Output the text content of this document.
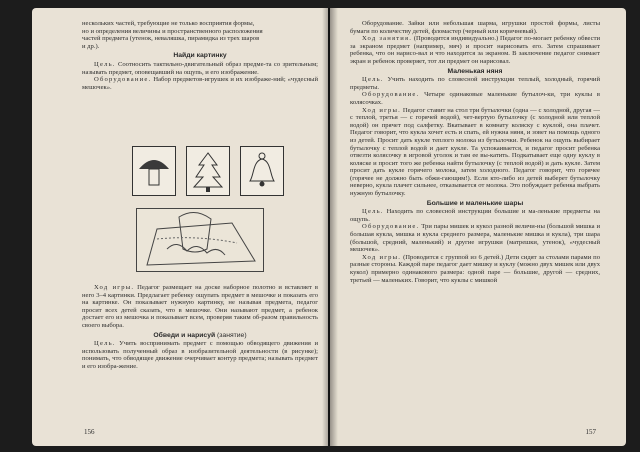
нескольких частей, требующие не только восприятия формы,

но и определения величины и пространственного расположения

частей предмета (утенок, неваляшка, пирамидка из трех шаров

и др.).

Найди картинку

Цель. Соотносить тактильно-двигательный образ предме-та со зрительным; называть предмет, оповещавший на ощупь, и его изображение.

Оборудование. Набор предметов-игрушек и их изображе-ний; «чудесный мешочек».

Ход игры. Педагог размещает на доске наборное полотно и вставляет в него 3–4 картинки. Предлагает ребенку ощупать предмет в мешочке и показать его на картинке. Он показывает нужную картинку, не называя предмета, педагог просит всех детей сказать, что в мешочке. Они называют предмет, а ребенок достает его из мешочка и показывает всем, проверяя таким об-разом правильность своего выбора.

Обведи и нарисуй (занятие)

Цель. Учить воспринимать предмет с помощью обводящего движения и использовать полученный образ в изобразительной деятельности (в рисунке); понимать, что обводящее движение очерчивает контур предмета; называть предмет и его изобра-жение.

156

Оборудование. Зайки или небольшая шарма, игрушки простой формы, листы бумаги по количеству детей, фломастер (черный или коричневый).

Ход занятия. (Проводится индивидуально.) Педагог по-могает ребенку обвести за экраном предмет (например, мяч) и просит нарисовать его. Затем спрашивает ребенка, что он нарисо-вал и что находится за экраном. В заключение педагог снимает экран и ребенок проверяет, тот ли предмет он нарисовал.

Маленькая няня

Цель. Учить находить по словесной инструкции теплый, холодный, горячий предметы.

Оборудование. Четыре одинаковые маленькие бутылоч-ки, три куклы в колясочках.

Ход игры. Педагог ставит на стол три бутылочки (одна — с холодной, другая — с теплой, третья — с горячей водой), чет-вертую бутылочку (с холодной или теплой водой) он прячет под салфетку. Вкатывает в комнату коляску с куклой, она плачет. Педагог говорит, что кукла хочет есть и спать, ей нужна няня, и зовет на помощь одного из детей. Просит дать кукле теплого молока из бутылочки. Ребенок на ощупь выбирает бутылочку с теплой водой и дает кукле. Та успокаивается, и педагог просит ребенка отвезти колясочку в игровой уголок и там ее вы-катить. Подкатывает еще одну куклу в коляске и просит того же ребенка найти бутылочку (с теплой водой) и дать кукле. Затем просит дать кукле горячего молока, затем холодного. Педагог говорит, что горячее (горячее не должно быть обжи-гающим!). Если кто-либо из детей выберет бутылочку неверно, кукла плачет сильнее, отказывается от молока. Это побуждает ребенка выбрать нужную бутылочку.

Большие и маленькие шары

Цель. Находить по словесной инструкции большие и ма-ленькие предметы на ощупь.

Оборудование. Три пары мишек и кукол разной величи-ны (большой мишка и большая кукла, мишка и кукла среднего размера, маленькие мишка и кукла), три шара (большой, средний, маленький) и другие игрушки (матрешки, утенок), «чудесный мешочек».

Ход игры. (Проводится с группой из 6 детей.) Дети сидят за столами парами по разные стороны. Каждой паре педагог дает мишку и куклу (можно двух мишек или двух кукол) примерно одинакового размера: одной паре — большие, другой — средних, третьей — маленьких. Говорит, что куклы с мишкой

157
